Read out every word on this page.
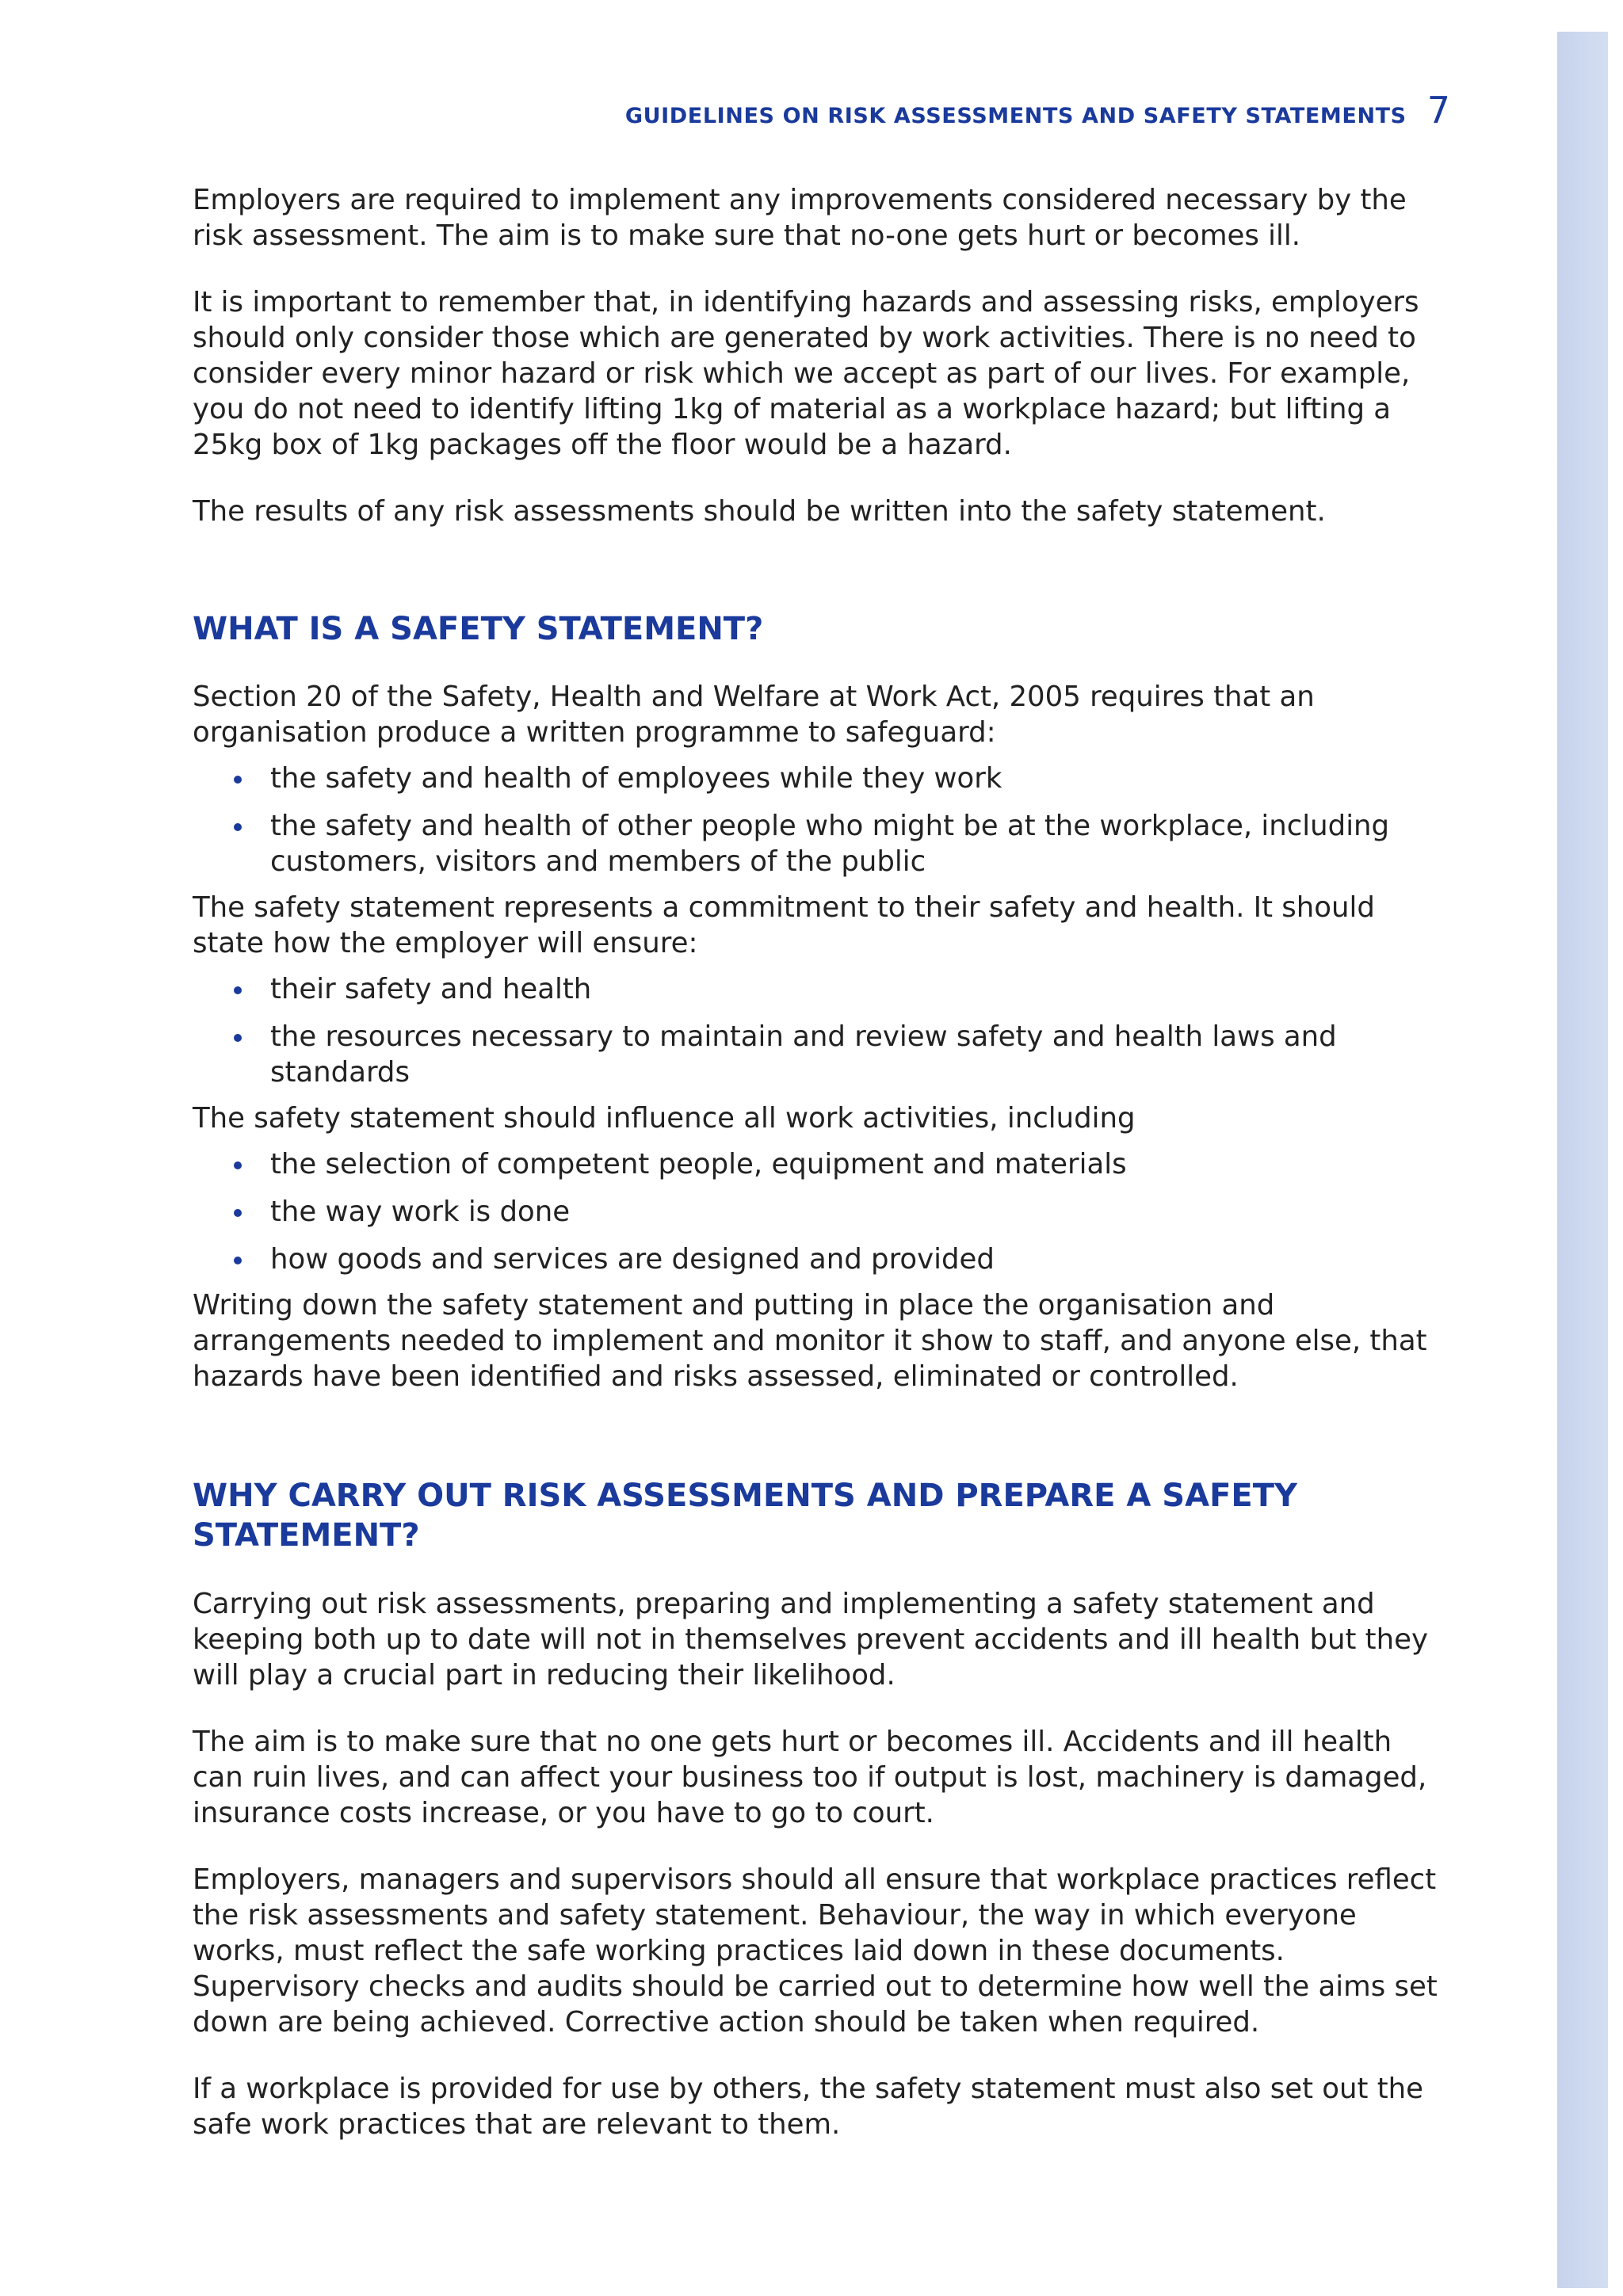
GUIDELINES ON RISK ASSESSMENTS AND SAFETY STATEMENTS 7

Employers are required to implement any improvements considered necessary by the risk assessment. The aim is to make sure that no-one gets hurt or becomes ill.

It is important to remember that, in identifying hazards and assessing risks, employers should only consider those which are generated by work activities. There is no need to consider every minor hazard or risk which we accept as part of our lives. For example, you do not need to identify lifting 1kg of material as a workplace hazard; but lifting a 25kg box of 1kg packages off the floor would be a hazard.

The results of any risk assessments should be written into the safety statement.

WHAT IS A SAFETY STATEMENT?

Section 20 of the Safety, Health and Welfare at Work Act, 2005 requires that an organisation produce a written programme to safeguard:

the safety and health of employees while they work
the safety and health of other people who might be at the workplace, including customers, visitors and members of the public

The safety statement represents a commitment to their safety and health. It should state how the employer will ensure:

their safety and health
the resources necessary to maintain and review safety and health laws and standards

The safety statement should influence all work activities, including

the selection of competent people, equipment and materials
the way work is done
how goods and services are designed and provided

Writing down the safety statement and putting in place the organisation and arrangements needed to implement and monitor it show to staff, and anyone else, that hazards have been identified and risks assessed, eliminated or controlled.

WHY CARRY OUT RISK ASSESSMENTS AND PREPARE A SAFETY STATEMENT?

Carrying out risk assessments, preparing and implementing a safety statement and keeping both up to date will not in themselves prevent accidents and ill health but they will play a crucial part in reducing their likelihood.

The aim is to make sure that no one gets hurt or becomes ill. Accidents and ill health can ruin lives, and can affect your business too if output is lost, machinery is damaged, insurance costs increase, or you have to go to court.

Employers, managers and supervisors should all ensure that workplace practices reflect the risk assessments and safety statement. Behaviour, the way in which everyone works, must reflect the safe working practices laid down in these documents. Supervisory checks and audits should be carried out to determine how well the aims set down are being achieved. Corrective action should be taken when required.

If a workplace is provided for use by others, the safety statement must also set out the safe work practices that are relevant to them.
